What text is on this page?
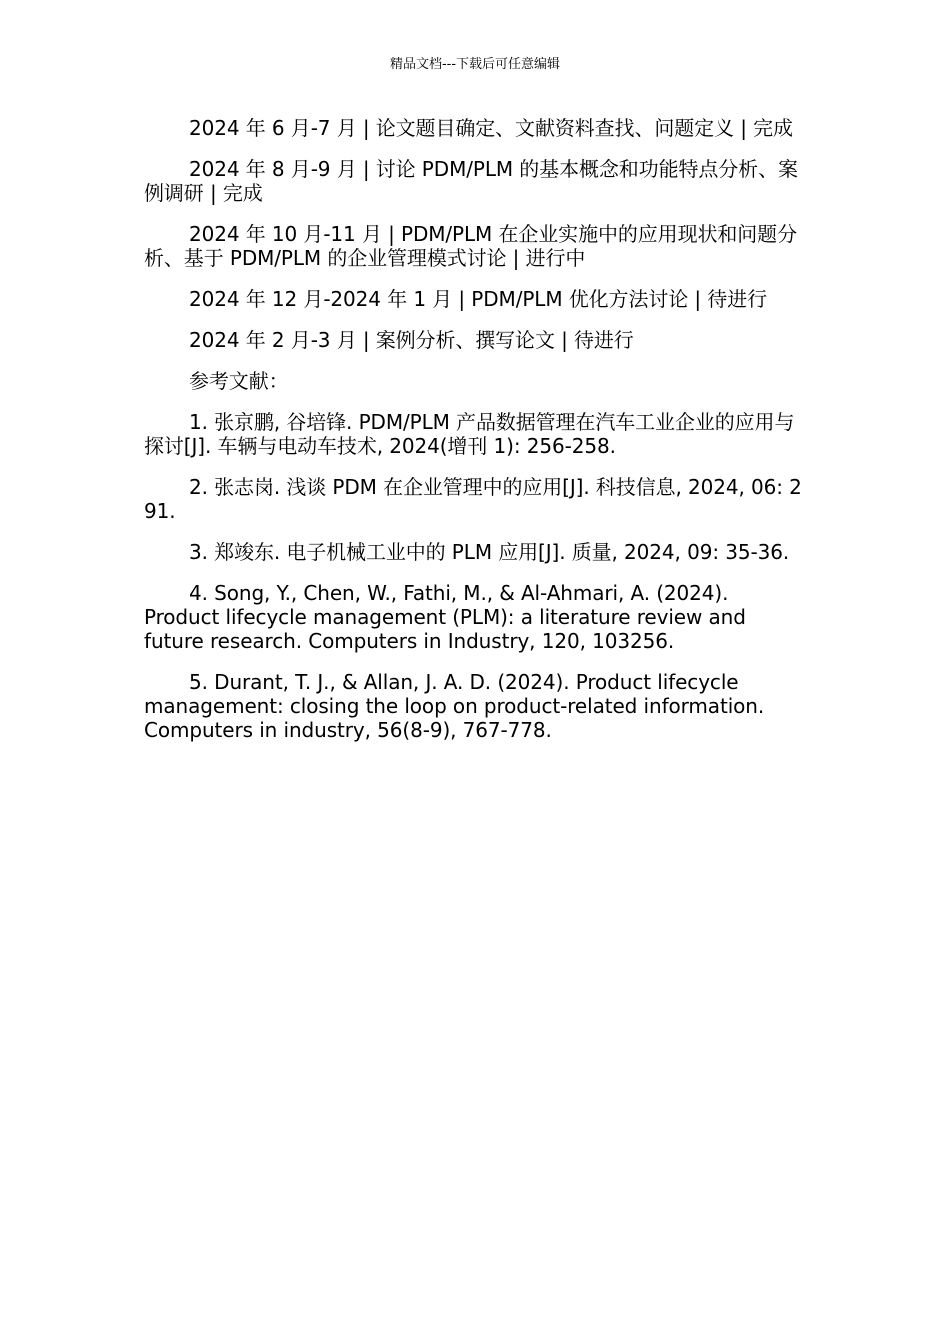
精品文档---下载后可任意编辑

2024 年 6 月-7 月 | 论文题目确定、文献资料查找、问题定义 | 完成

2024 年 8 月-9 月 | 讨论 PDM/PLM 的基本概念和功能特点分析、案例调研 | 完成

2024 年 10 月-11 月 | PDM/PLM 在企业实施中的应用现状和问题分析、基于 PDM/PLM 的企业管理模式讨论 | 进行中

2024 年 12 月-2024 年 1 月 | PDM/PLM 优化方法讨论 | 待进行

2024 年 2 月-3 月 | 案例分析、撰写论文 | 待进行

参考文献：

1. 张京鹏, 谷培锋. PDM/PLM 产品数据管理在汽车工业企业的应用与探讨[J]. 车辆与电动车技术, 2024(增刊 1): 256-258.

2. 张志岗. 浅谈 PDM 在企业管理中的应用[J]. 科技信息, 2024, 06: 291.

3. 郑竣东. 电子机械工业中的 PLM 应用[J]. 质量, 2024, 09: 35-36.

4. Song, Y., Chen, W., Fathi, M., & Al-Ahmari, A. (2024). Product lifecycle management (PLM): a literature review and future research. Computers in Industry, 120, 103256.

5. Durant, T. J., & Allan, J. A. D. (2024). Product lifecycle management: closing the loop on product-related information. Computers in industry, 56(8-9), 767-778.
